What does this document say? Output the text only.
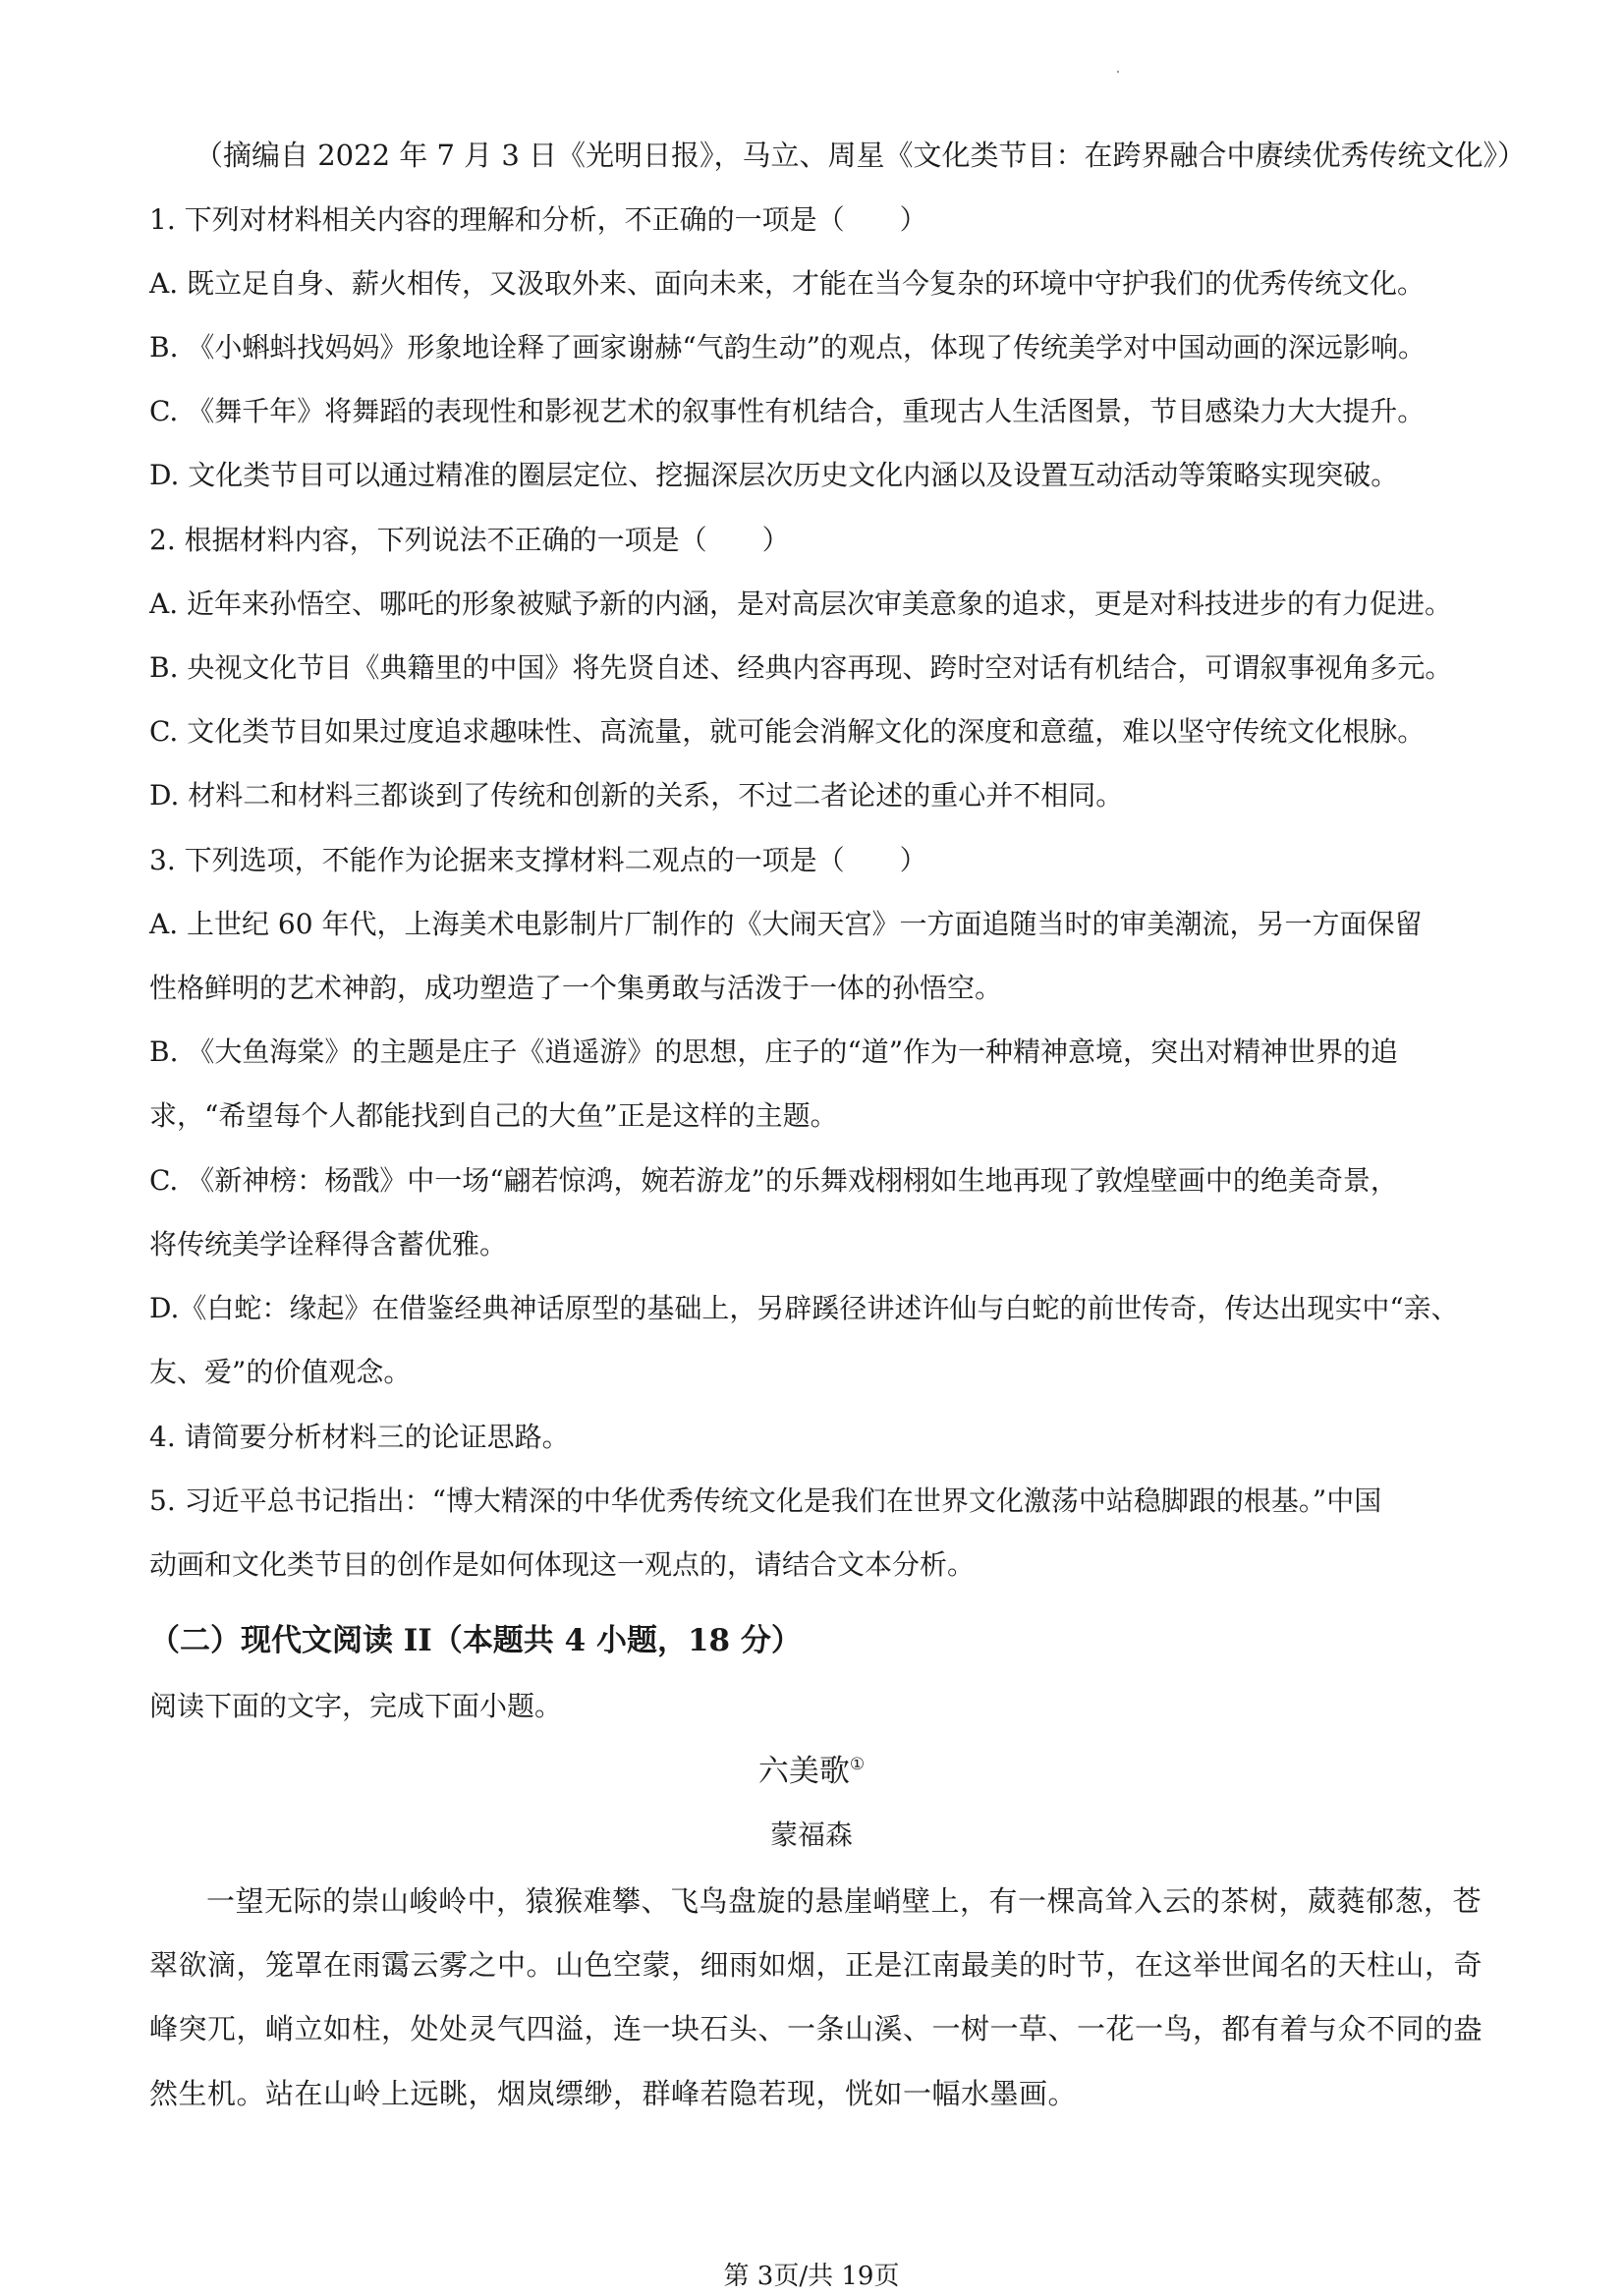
（摘编自 2022 年 7 月 3 日《光明日报》，马立、周星《文化类节目：在跨界融合中赓续优秀传统文化》）
1. 下列对材料相关内容的理解和分析，不正确的一项是（　　）
A. 既立足自身、薪火相传，又汲取外来、面向未来，才能在当今复杂的环境中守护我们的优秀传统文化。
B. 《小蝌蚪找妈妈》形象地诠释了画家谢赫“气韵生动”的观点，体现了传统美学对中国动画的深远影响。
C. 《舞千年》将舞蹈的表现性和影视艺术的叙事性有机结合，重现古人生活图景，节目感染力大大提升。
D. 文化类节目可以通过精准的圈层定位、挖掘深层次历史文化内涵以及设置互动活动等策略实现突破。
2. 根据材料内容，下列说法不正确的一项是（　　）
A. 近年来孙悟空、哪吒的形象被赋予新的内涵，是对高层次审美意象的追求，更是对科技进步的有力促进。
B. 央视文化节目《典籍里的中国》将先贤自述、经典内容再现、跨时空对话有机结合，可谓叙事视角多元。
C. 文化类节目如果过度追求趣味性、高流量，就可能会消解文化的深度和意蕴，难以坚守传统文化根脉。
D. 材料二和材料三都谈到了传统和创新的关系，不过二者论述的重心并不相同。
3. 下列选项，不能作为论据来支撑材料二观点的一项是（　　）
A. 上世纪 60 年代，上海美术电影制片厂制作的《大闹天宫》一方面追随当时的审美潮流，另一方面保留
性格鲜明的艺术神韵，成功塑造了一个集勇敢与活泼于一体的孙悟空。
B. 《大鱼海棠》的主题是庄子《逍遥游》的思想，庄子的“道”作为一种精神意境，突出对精神世界的追
求，“希望每个人都能找到自己的大鱼”正是这样的主题。
C. 《新神榜：杨戬》中一场“翩若惊鸿，婉若游龙”的乐舞戏栩栩如生地再现了敦煌壁画中的绝美奇景，
将传统美学诠释得含蓄优雅。
D.《白蛇：缘起》在借鉴经典神话原型的基础上，另辟蹊径讲述许仙与白蛇的前世传奇，传达出现实中“亲、
友、爱”的价值观念。
4. 请简要分析材料三的论证思路。
5. 习近平总书记指出：“博大精深的中华优秀传统文化是我们在世界文化激荡中站稳脚跟的根基。”中国
动画和文化类节目的创作是如何体现这一观点的，请结合文本分析。
（二）现代文阅读 II（本题共 4 小题，18 分）
阅读下面的文字，完成下面小题。
六美歌①
蒙福森
一望无际的崇山峻岭中，猿猴难攀、飞鸟盘旋的悬崖峭壁上，有一棵高耸入云的茶树，葳蕤郁葱，苍
翠欲滴，笼罩在雨霭云雾之中。山色空蒙，细雨如烟，正是江南最美的时节，在这举世闻名的天柱山，奇
峰突兀，峭立如柱，处处灵气四溢，连一块石头、一条山溪、一树一草、一花一鸟，都有着与众不同的盎
然生机。站在山岭上远眺，烟岚缥缈，群峰若隐若现，恍如一幅水墨画。
第 3页/共 19页
